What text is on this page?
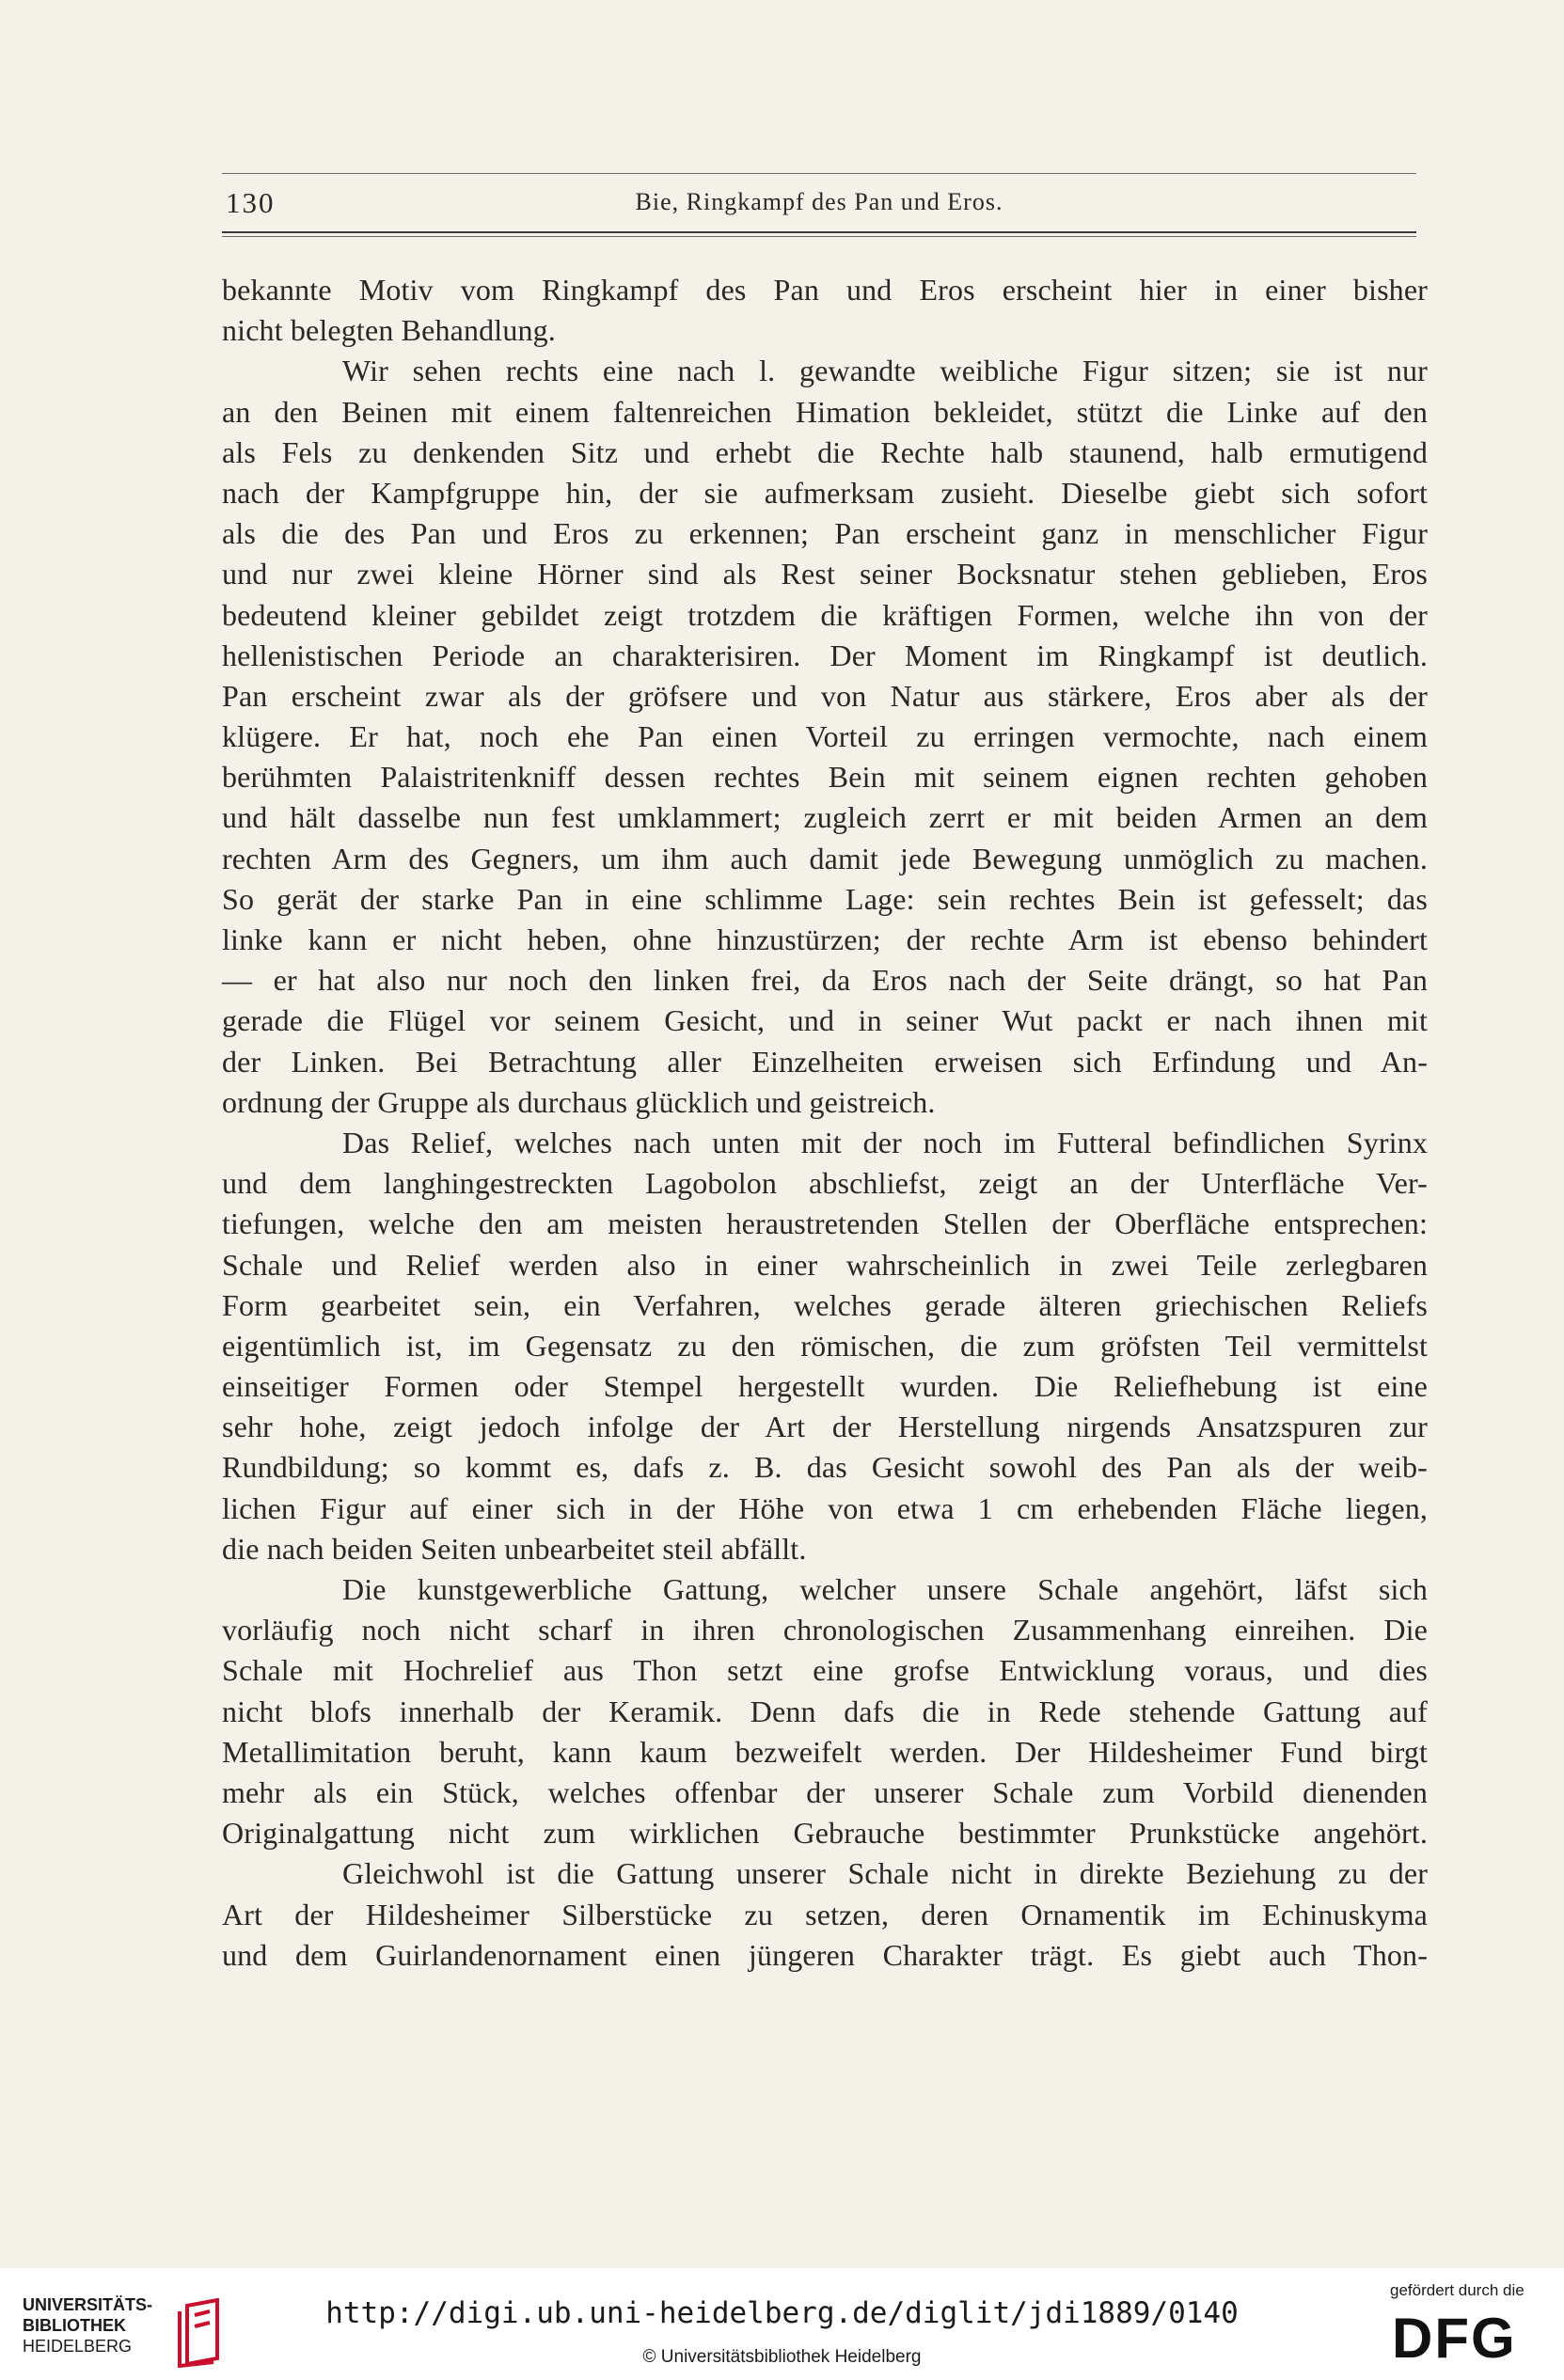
130	Bie, Ringkampf des Pan und Eros.
bekannte Motiv vom Ringkampf des Pan und Eros erscheint hier in einer bisher
nicht belegten Behandlung.
Wir sehen rechts eine nach l. gewandte weibliche Figur sitzen; sie ist nur
an den Beinen mit einem faltenreichen Himation bekleidet, stützt die Linke auf den
als Fels zu denkenden Sitz und erhebt die Rechte halb staunend, halb ermutigend
nach der Kampfgruppe hin, der sie aufmerksam zusieht. Dieselbe giebt sich sofort
als die des Pan und Eros zu erkennen; Pan erscheint ganz in menschlicher Figur
und nur zwei kleine Hörner sind als Rest seiner Bocksnatur stehen geblieben, Eros
bedeutend kleiner gebildet zeigt trotzdem die kräftigen Formen, welche ihn von der
hellenistischen Periode an charakterisiren. Der Moment im Ringkampf ist deutlich.
Pan erscheint zwar als der gröfsere und von Natur aus stärkere, Eros aber als der
klügere. Er hat, noch ehe Pan einen Vorteil zu erringen vermochte, nach einem
berühmten Palaistritenkniff dessen rechtes Bein mit seinem eignen rechten gehoben
und hält dasselbe nun fest umklammert; zugleich zerrt er mit beiden Armen an dem
rechten Arm des Gegners, um ihm auch damit jede Bewegung unmöglich zu machen.
So gerät der starke Pan in eine schlimme Lage: sein rechtes Bein ist gefesselt; das
linke kann er nicht heben, ohne hinzustürzen; der rechte Arm ist ebenso behindert
— er hat also nur noch den linken frei, da Eros nach der Seite drängt, so hat Pan
gerade die Flügel vor seinem Gesicht, und in seiner Wut packt er nach ihnen mit
der Linken. Bei Betrachtung aller Einzelheiten erweisen sich Erfindung und An-
ordnung der Gruppe als durchaus glücklich und geistreich.
Das Relief, welches nach unten mit der noch im Futteral befindlichen Syrinx
und dem langhingestreckten Lagobolon abschliefst, zeigt an der Unterfläche Ver-
tiefungen, welche den am meisten heraustretenden Stellen der Oberfläche entsprechen:
Schale und Relief werden also in einer wahrscheinlich in zwei Teile zerlegbaren
Form gearbeitet sein, ein Verfahren, welches gerade älteren griechischen Reliefs
eigentümlich ist, im Gegensatz zu den römischen, die zum gröfsten Teil vermittelst
einseitiger Formen oder Stempel hergestellt wurden. Die Reliefhebung ist eine
sehr hohe, zeigt jedoch infolge der Art der Herstellung nirgends Ansatzspuren zur
Rundbildung; so kommt es, dafs z. B. das Gesicht sowohl des Pan als der weib-
lichen Figur auf einer sich in der Höhe von etwa 1 cm erhebenden Fläche liegen,
die nach beiden Seiten unbearbeitet steil abfällt.
Die kunstgewerbliche Gattung, welcher unsere Schale angehört, läfst sich
vorläufig noch nicht scharf in ihren chronologischen Zusammenhang einreihen. Die
Schale mit Hochrelief aus Thon setzt eine grofse Entwicklung voraus, und dies
nicht blofs innerhalb der Keramik. Denn dafs die in Rede stehende Gattung auf
Metallimitation beruht, kann kaum bezweifelt werden. Der Hildesheimer Fund birgt
mehr als ein Stück, welches offenbar der unserer Schale zum Vorbild dienenden
Originalgattung nicht zum wirklichen Gebrauche bestimmter Prunkstücke angehört.
Gleichwohl ist die Gattung unserer Schale nicht in direkte Beziehung zu der
Art der Hildesheimer Silberstücke zu setzen, deren Ornamentik im Echinuskyma
und dem Guirlandenornament einen jüngeren Charakter trägt. Es giebt auch Thon-
UNIVERSITÄTS-
BIBLIOTHEK
HEIDELBERG
http://digi.ub.uni-heidelberg.de/diglit/jdi1889/0140
© Universitätsbibliothek Heidelberg
gefördert durch die
DFG
